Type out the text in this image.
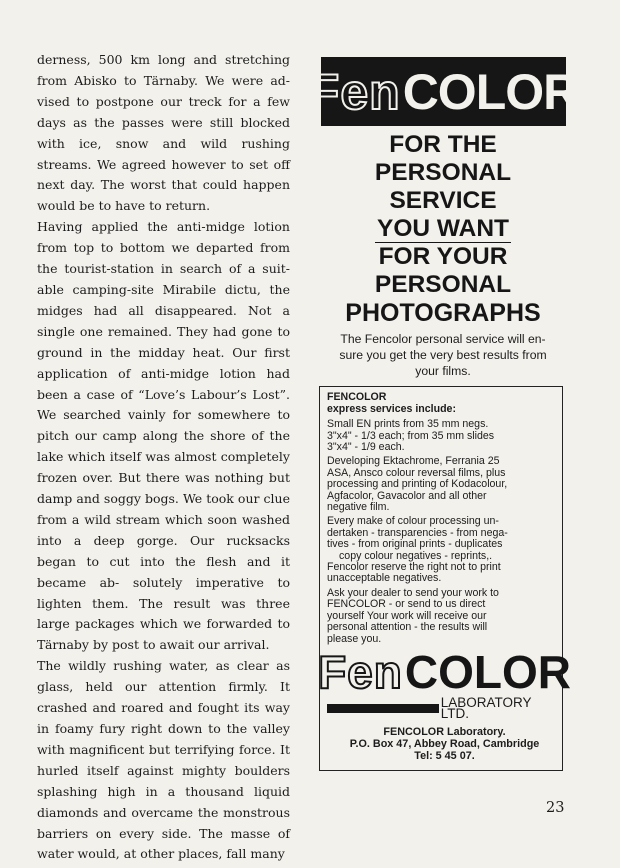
derness, 500 km long and stretching from Abisko to Tärnaby. We were ad- vised to postpone our treck for a few days as the passes were still blocked with ice, snow and wild rushing streams. We agreed however to set off next day. The worst that could happen would be to have to return.

Having applied the anti-midge lotion from top to bottom we departed from the tourist-station in search of a suit- able camping-site Mirabile dictu, the midges had all disappeared. Not a single one remained. They had gone to ground in the midday heat. Our first application of anti-midge lotion had been a case of “Love’s Labour’s Lost”. We searched vainly for somewhere to pitch our camp along the shore of the lake which itself was almost completely frozen over. But there was nothing but damp and soggy bogs. We took our clue from a wild stream which soon washed into a deep gorge. Our rucksacks began to cut into the flesh and it became ab- solutely imperative to lighten them. The result was three large packages which we forwarded to Tärnaby by post to await our arrival.

The wildly rushing water, as clear as glass, held our attention firmly. It crashed and roared and fought its way in foamy fury right down to the valley with magnificent but terrifying force. It hurled itself against mighty boulders splashing high in a thousand liquid diamonds and overcame the monstrous barriers on every side. The masse of water would, at other places, fall many

Fen COLOR
FOR THE
PERSONAL
SERVICE
YOU WANT
FOR YOUR
PERSONAL
PHOTOGRAPHS
The Fencolor personal service will en-
sure you get the very best results from
your films.
FENCOLOR
express services include:

Small EN prints from 35 mm negs.
3"x4" - 1/3 each; from 35 mm slides
3"x4" - 1/9 each.

Developing Ektachrome, Ferrania 25
ASA, Ansco colour reversal films, plus
processing and printing of Kodacolour,
Agfacolor, Gavacolor and all other
negative film.

Every make of colour processing un-
dertaken - transparencies - from nega-
tives - from original prints - duplicates
copy colour negatives - reprints,.
Fencolor reserve the right not to print
unacceptable negatives.

Ask your dealer to send your work to
FENCOLOR - or send to us direct
yourself Your work will receive our
personal attention - the results will
please you.

Fen COLOR
LABORATORY LTD.
FENCOLOR Laboratory.
P.O. Box 47, Abbey Road, Cambridge
Tel: 5 45 07.
23
